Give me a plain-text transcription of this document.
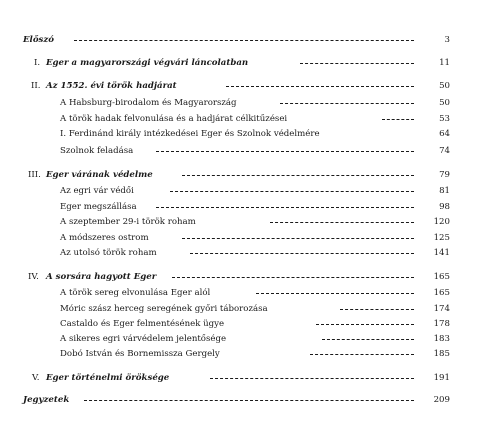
Előszó	3
I. Eger a magyarországi végvári láncolatban	11
II. Az 1552. évi török hadjárat	50
A Habsburg-birodalom és Magyarország	50
A török hadak felvonulása és a hadjárat célkitűzései	53
I. Ferdinánd király intézkedései Eger és Szolnok védelmére	64
Szolnok feladása	74
III. Eger várának védelme	79
Az egri vár védői	81
Eger megszállása	98
A szeptember 29-i török roham	120
A módszeres ostrom	125
Az utolsó török roham	141
IV. A sorsára hagyott Eger	165
A török sereg elvonulása Eger alól	165
Móric szász herceg seregének győri táborozása	174
Castaldo és Eger felmentésének ügye	178
A sikeres egri várvédelem jelentősége	183
Dobó István és Bornemissza Gergely	185
V. Eger történelmi öröksége	191
Jegyzetek	209
